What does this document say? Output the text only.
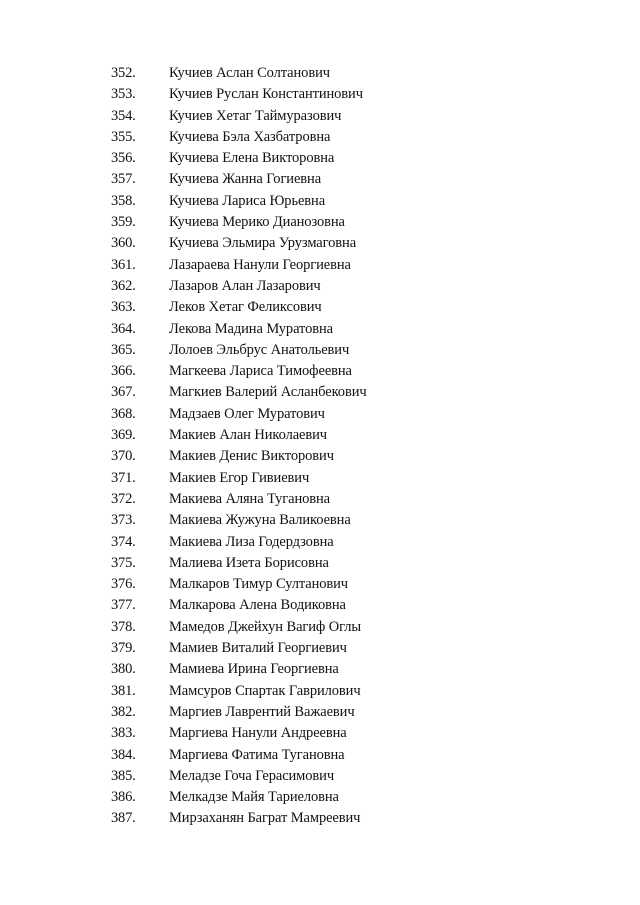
352.	Кучиев Аслан Солтанович
353.	Кучиев Руслан Константинович
354.	Кучиев Хетаг Таймуразович
355.	Кучиева Бэла Хазбатровна
356.	Кучиева Елена Викторовна
357.	Кучиева Жанна Гогиевна
358.	Кучиева Лариса Юрьевна
359.	Кучиева Мерико Дианозовна
360.	Кучиева Эльмира Урузмаговна
361.	Лазараева Нанули Георгиевна
362.	Лазаров Алан Лазарович
363.	Леков Хетаг Феликсович
364.	Лекова Мадина Муратовна
365.	Лолоев Эльбрус Анатольевич
366.	Магкеева Лариса Тимофеевна
367.	Магкиев Валерий Асланбекович
368.	Мадзаев Олег Муратович
369.	Макиев Алан Николаевич
370.	Макиев Денис Викторович
371.	Макиев Егор Гивиевич
372.	Макиева Аляна Тугановна
373.	Макиева Жужуна Валикоевна
374.	Макиева Лиза Годердзовна
375.	Малиева Изета Борисовна
376.	Малкаров Тимур Султанович
377.	Малкарова Алена Водиковна
378.	Мамедов Джейхун Вагиф Оглы
379.	Мамиев Виталий Георгиевич
380.	Мамиева Ирина Георгиевна
381.	Мамсуров Спартак Гаврилович
382.	Маргиев Лаврентий Важаевич
383.	Маргиева Нанули Андреевна
384.	Маргиева Фатима Тугановна
385.	Меладзе Гоча Герасимович
386.	Мелкадзе Майя Тариеловна
387.	Мирзаханян Баграт Мамреевич
